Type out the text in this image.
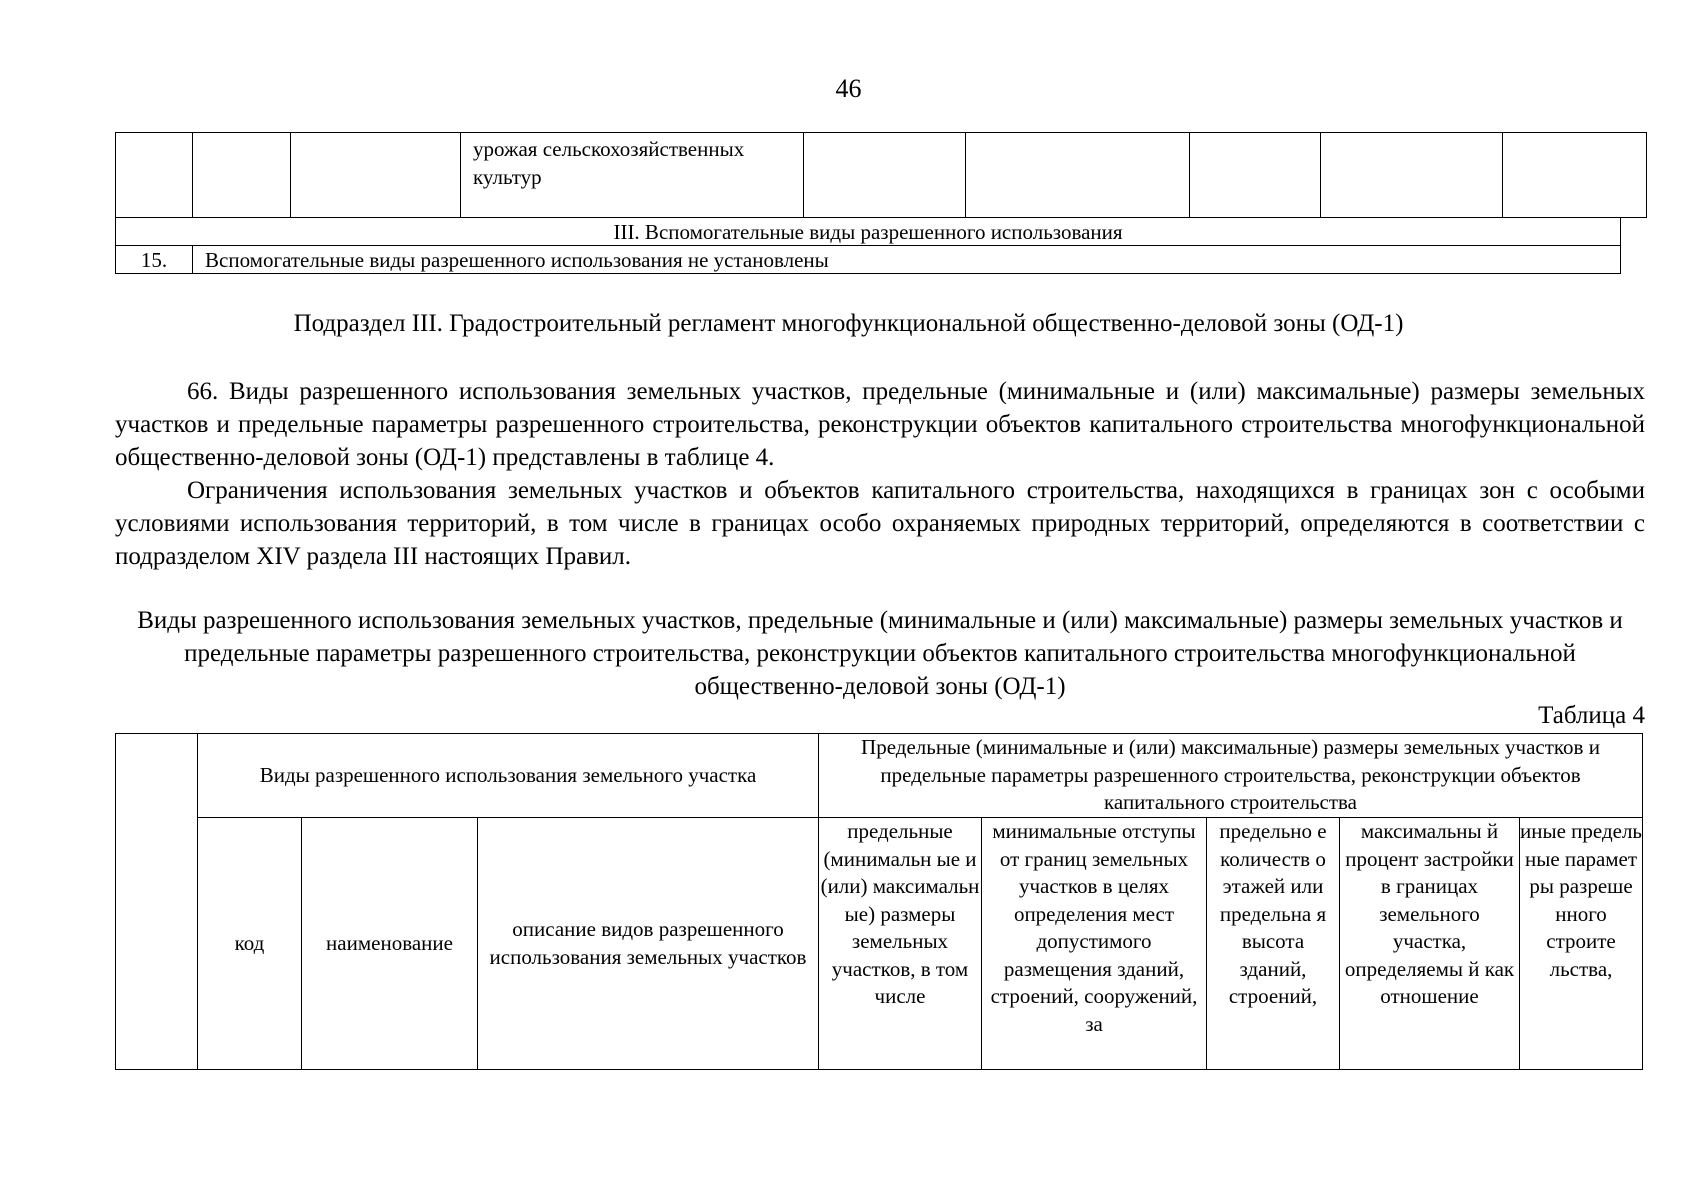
46

урожая сельскохозяйственных культур

III. Вспомогательные виды разрешенного использования
15.	Вспомогательные виды разрешенного использования не установлены
Подраздел III. Градостроительный регламент многофункциональной общественно-деловой зоны (ОД-1)
66. Виды разрешенного использования земельных участков, предельные (минимальные и (или) максимальные) размеры земельных участков и предельные параметры разрешенного строительства, реконструкции объектов капитального строительства многофункциональной общественно-деловой зоны (ОД-1) представлены в таблице 4.
Ограничения использования земельных участков и объектов капитального строительства, находящихся в границах зон с особыми условиями использования территорий, в том числе в границах особо охраняемых природных территорий, определяются в соответствии с подразделом XIV раздела III настоящих Правил.
Виды разрешенного использования земельных участков, предельные (минимальные и (или) максимальные) размеры земельных участков и предельные параметры разрешенного строительства, реконструкции объектов капитального строительства многофункциональной общественно-деловой зоны (ОД-1)
Таблица 4
	Виды разрешенного использования земельного участка			Предельные (минимальные и (или) максимальные) размеры земельных участков и предельные параметры разрешенного строительства, реконструкции объектов капитального строительства				
	код	наименование	описание видов разрешенного использования земельных участков	предельные (минимальн ые и (или) максимальн ые) размеры земельных участков, в том числе	минимальные отступы от границ земельных участков в целях определения мест допустимого размещения зданий, строений, сооружений, за	предельно е количеств о этажей или предельна я высота зданий, строений,	максимальны й процент застройки в границах земельного участка, определяемы й как отношение	иные предель ные парамет ры разреше нного строите льства,
